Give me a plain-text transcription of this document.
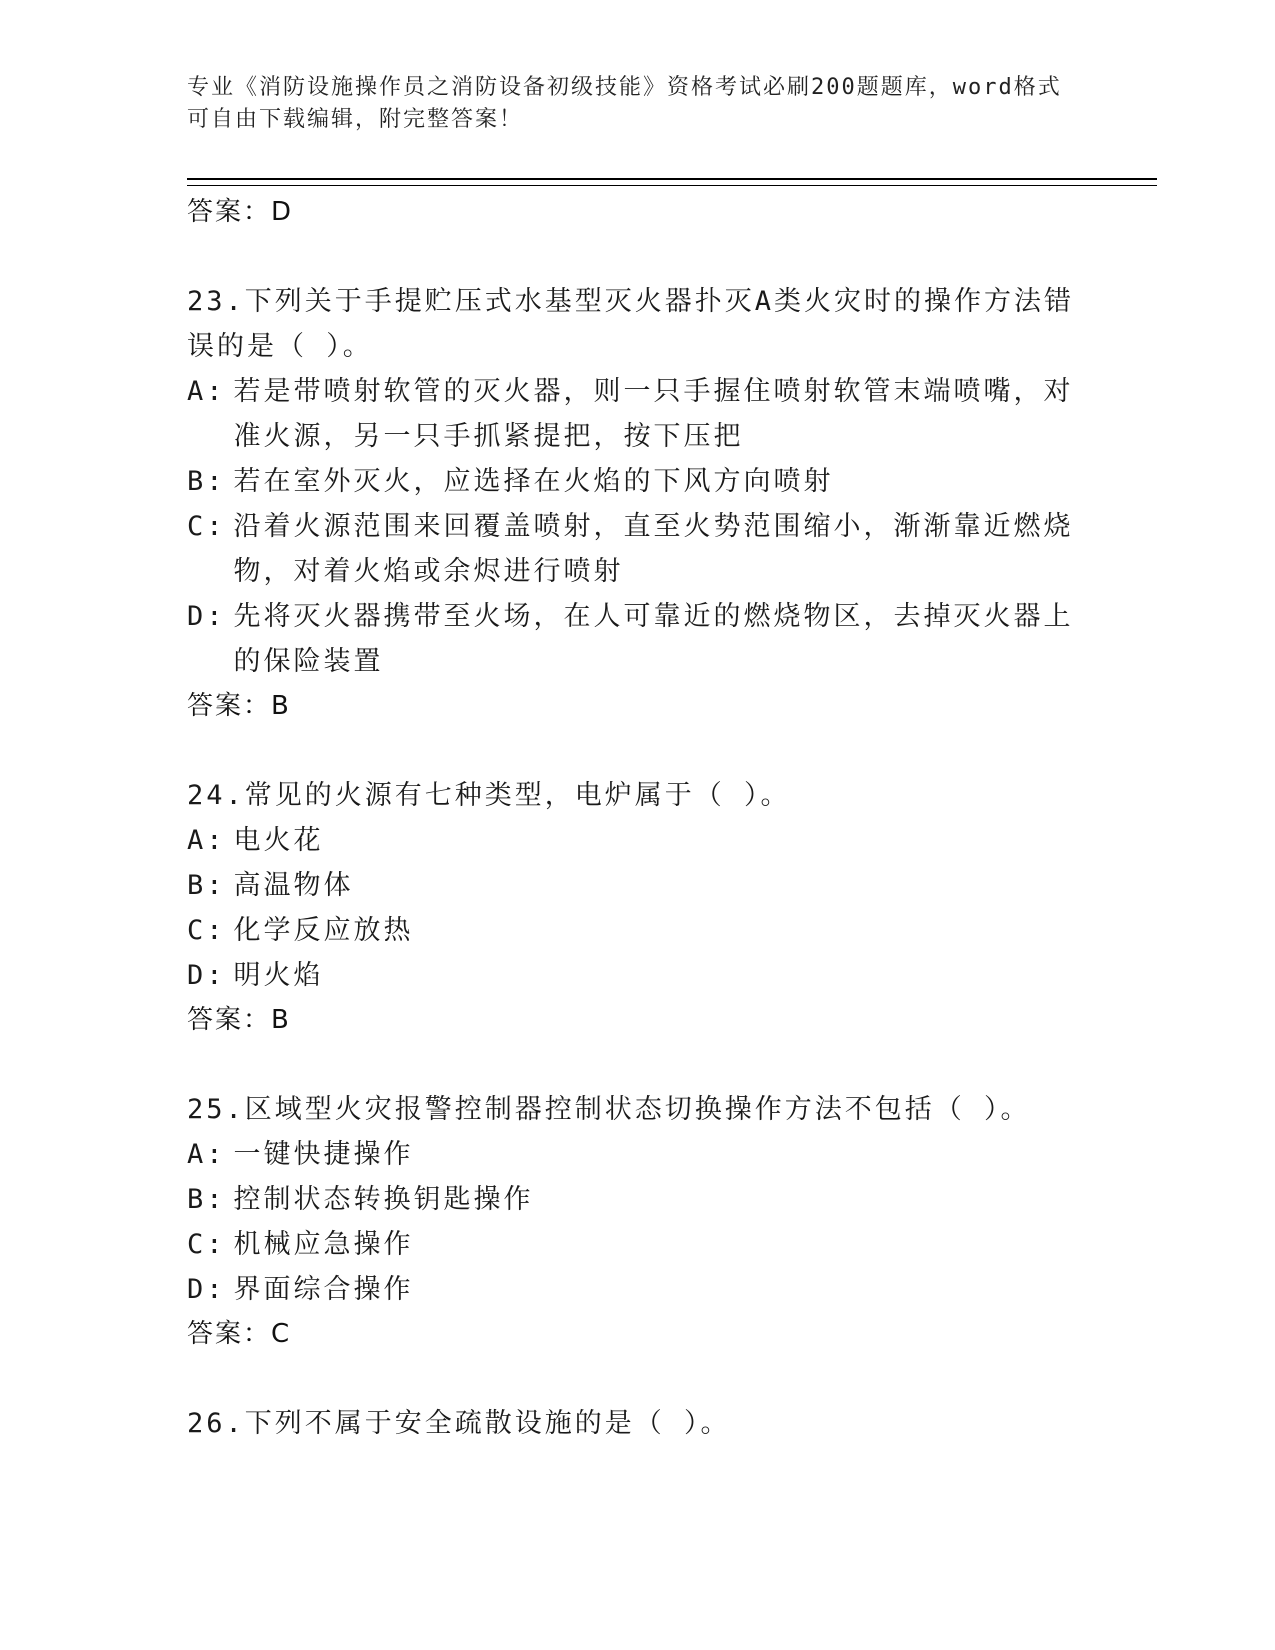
专业《消防设施操作员之消防设备初级技能》资格考试必刷200题题库，word格式可自由下载编辑，附完整答案！

答案：D

23.下列关于手提贮压式水基型灭火器扑灭A类火灾时的操作方法错误的是（ ）。

A : 若是带喷射软管的灭火器，则一只手握住喷射软管末端喷嘴，对准火源，另一只手抓紧提把，按下压把

B : 若在室外灭火，应选择在火焰的下风方向喷射

C : 沿着火源范围来回覆盖喷射，直至火势范围缩小，渐渐靠近燃烧物，对着火焰或余烬进行喷射

D : 先将灭火器携带至火场，在人可靠近的燃烧物区，去掉灭火器上的保险装置

答案：B

24.常见的火源有七种类型，电炉属于（ ）。

A : 电火花

B : 高温物体

C : 化学反应放热

D : 明火焰

答案：B

25.区域型火灾报警控制器控制状态切换操作方法不包括（ ）。

A : 一键快捷操作

B : 控制状态转换钥匙操作

C : 机械应急操作

D : 界面综合操作

答案：C

26.下列不属于安全疏散设施的是（ ）。
